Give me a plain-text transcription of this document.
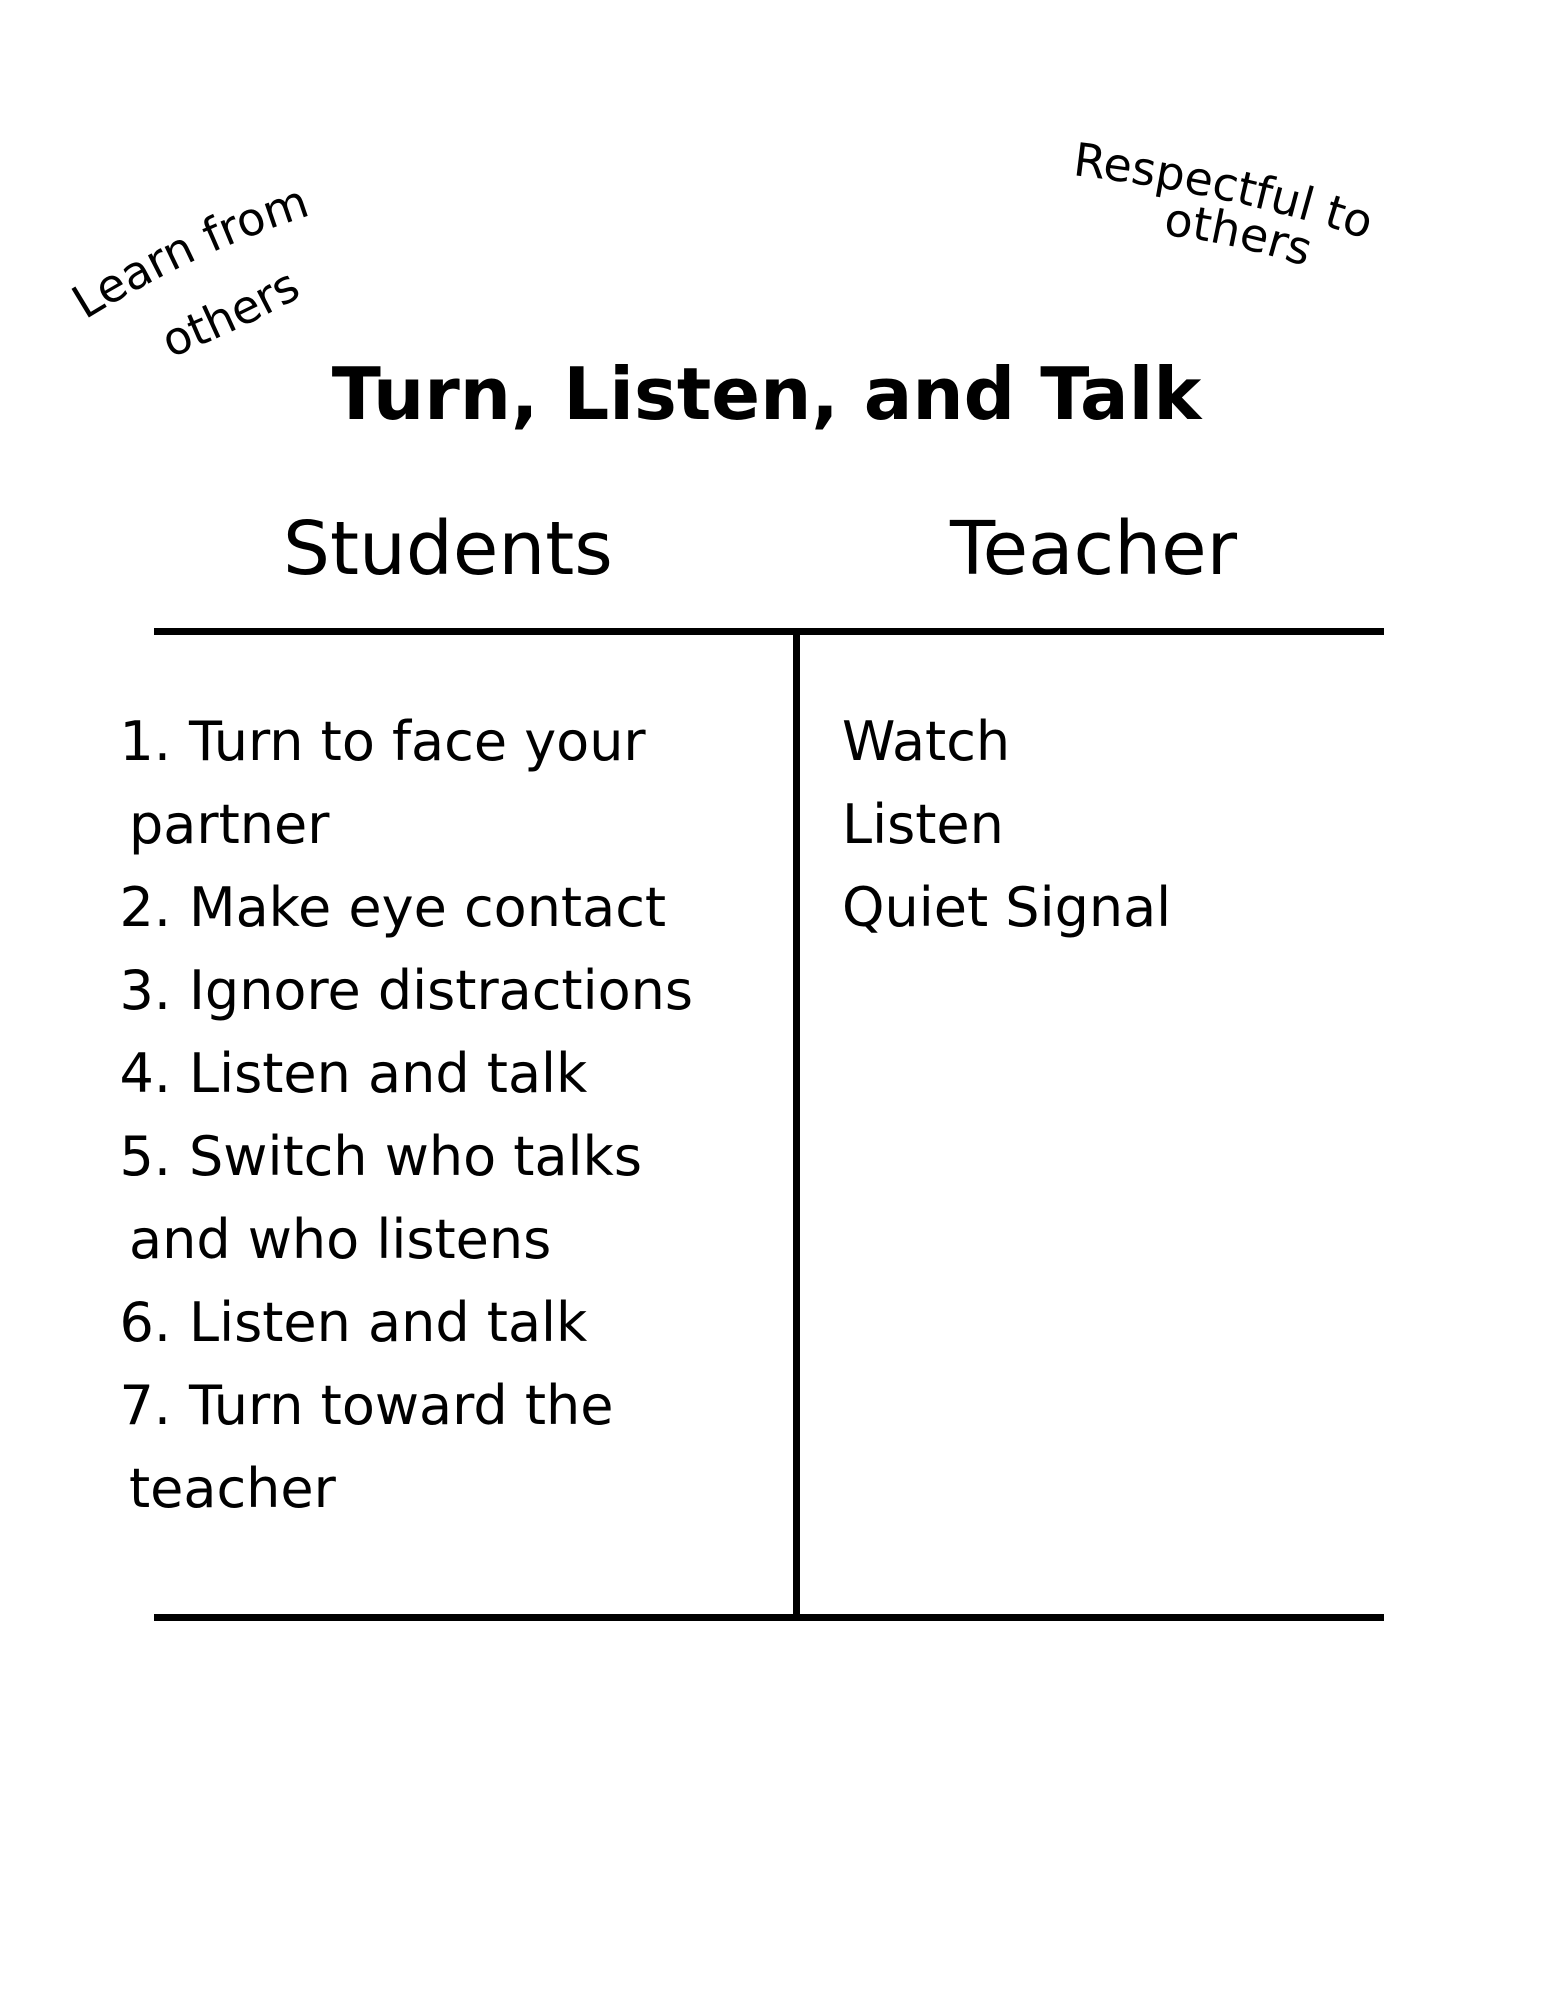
Learn from
others
Respectful to
others
Turn, Listen, and Talk
Students	Teacher
1. Turn to face your partner
2. Make eye contact
3. Ignore distractions
4. Listen and talk
5. Switch who talks and who listens
6. Listen and talk
7. Turn toward the teacher
Watch
Listen
Quiet Signal
